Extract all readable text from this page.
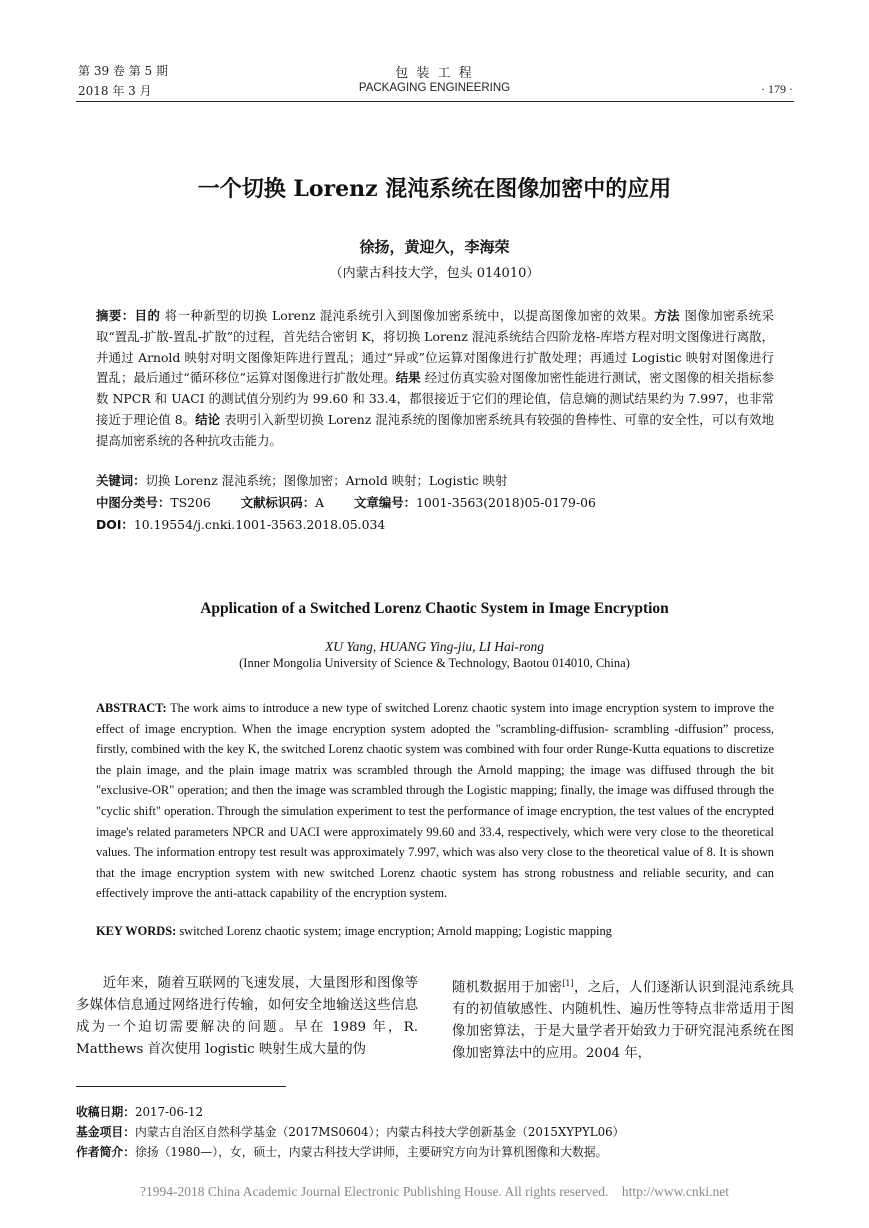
第 39 卷 第 5 期	包 装 工 程
2018 年 3 月	PACKAGING ENGINEERING	· 179 ·
一个切换 Lorenz 混沌系统在图像加密中的应用
徐扬，黄迎久，李海荣
（内蒙古科技大学，包头 014010）
摘要：目的 将一种新型的切换 Lorenz 混沌系统引入到图像加密系统中，以提高图像加密的效果。方法 图像加密系统采取“置乱-扩散-置乱-扩散”的过程，首先结合密钥 K，将切换 Lorenz 混沌系统结合四阶龙格-库塔方程对明文图像进行离散，并通过 Arnold 映射对明文图像矩阵进行置乱；通过“异或”位运算对图像进行扩散处理；再通过 Logistic 映射对图像进行置乱；最后通过“循环移位”运算对图像进行扩散处理。结果 经过仿真实验对图像加密性能进行测试，密文图像的相关指标参数 NPCR 和 UACI 的测试值分别约为 99.60 和 33.4，都很接近于它们的理论值，信息熵的测试结果约为 7.997，也非常接近于理论值 8。结论 表明引入新型切换 Lorenz 混沌系统的图像加密系统具有较强的鲁棒性、可靠的安全性，可以有效地提高加密系统的各种抗攻击能力。
关键词：切换 Lorenz 混沌系统；图像加密；Arnold 映射；Logistic 映射
中图分类号：TS206 文献标识码：A 文章编号：1001-3563(2018)05-0179-06
DOI：10.19554/j.cnki.1001-3563.2018.05.034
Application of a Switched Lorenz Chaotic System in Image Encryption
XU Yang, HUANG Ying-jiu, LI Hai-rong
(Inner Mongolia University of Science & Technology, Baotou 014010, China)
ABSTRACT: The work aims to introduce a new type of switched Lorenz chaotic system into image encryption system to improve the effect of image encryption. When the image encryption system adopted the "scrambling-diffusion- scrambling -diffusion” process, firstly, combined with the key K, the switched Lorenz chaotic system was combined with four order Runge-Kutta equations to discretize the plain image, and the plain image matrix was scrambled through the Arnold mapping; the image was diffused through the bit "exclusive-OR" operation; and then the image was scrambled through the Logistic mapping; finally, the image was diffused through the "cyclic shift" operation. Through the simulation experiment to test the performance of image encryption, the test values of the encrypted image's related parameters NPCR and UACI were approximately 99.60 and 33.4, respectively, which were very close to the theoretical values. The information entropy test result was approximately 7.997, which was also very close to the theoretical value of 8. It is shown that the image encryption system with new switched Lorenz chaotic system has strong robustness and reliable security, and can effectively improve the anti-attack capability of the encryption system.
KEY WORDS: switched Lorenz chaotic system; image encryption; Arnold mapping; Logistic mapping
近年来，随着互联网的飞速发展，大量图形和图像等多媒体信息通过网络进行传输，如何安全地输送这些信息成为一个迫切需要解决的问题。早在 1989 年，R. Matthews 首次使用 logistic 映射生成大量的伪
随机数据用于加密[1]，之后，人们逐渐认识到混沌系统具有的初值敏感性、内随机性、遍历性等特点非常适用于图像加密算法，于是大量学者开始致力于研究混沌系统在图像加密算法中的应用。2004 年，
收稿日期：2017-06-12
基金项目：内蒙古自治区自然科学基金（2017MS0604）；内蒙古科技大学创新基金（2015XYPYL06）
作者简介：徐扬（1980—），女，硕士，内蒙古科技大学讲师，主要研究方向为计算机图像和大数据。
?1994-2018 China Academic Journal Electronic Publishing House. All rights reserved.    http://www.cnki.net
